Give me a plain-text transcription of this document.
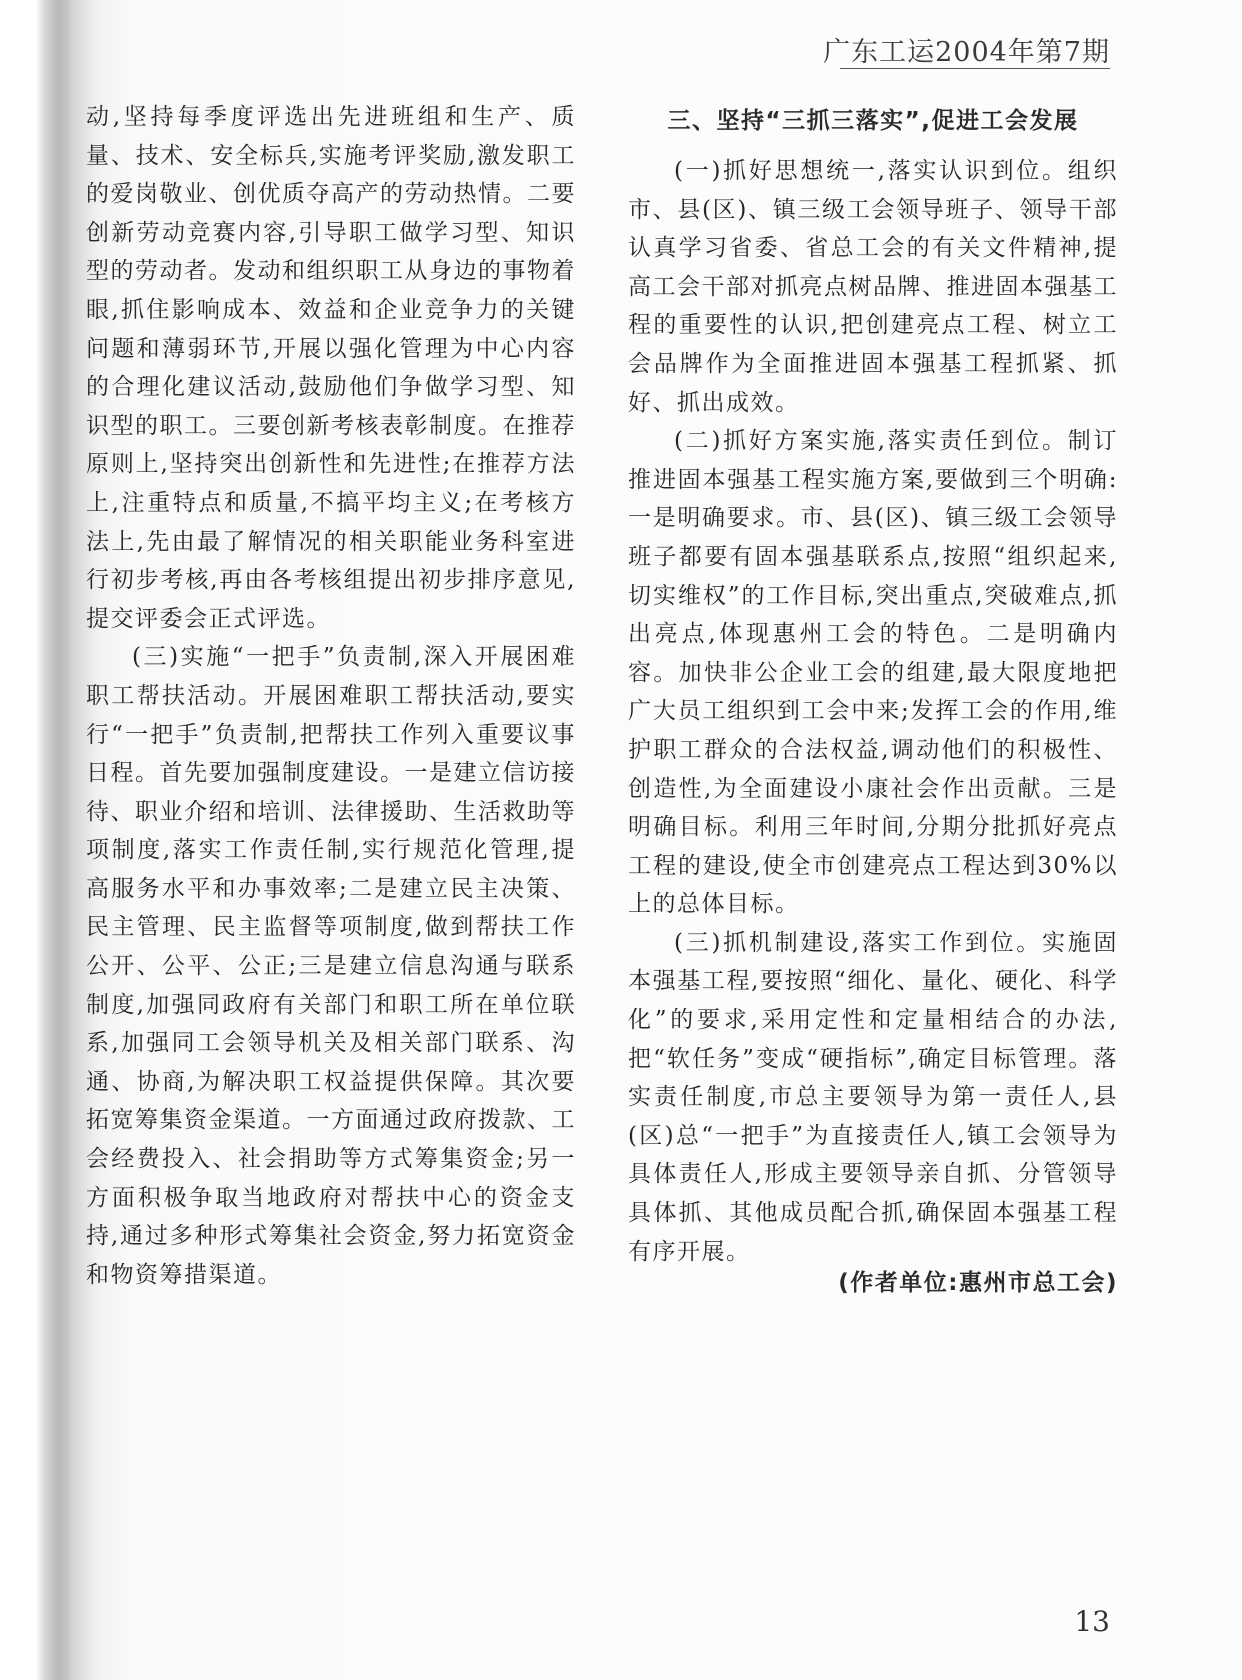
广东工运2004年第7期

动,坚持每季度评选出先进班组和生产、质量、技术、安全标兵,实施考评奖励,激发职工的爱岗敬业、创优质夺高产的劳动热情。二要创新劳动竞赛内容,引导职工做学习型、知识型的劳动者。发动和组织职工从身边的事物着眼,抓住影响成本、效益和企业竞争力的关键问题和薄弱环节,开展以强化管理为中心内容的合理化建议活动,鼓励他们争做学习型、知识型的职工。三要创新考核表彰制度。在推荐原则上,坚持突出创新性和先进性;在推荐方法上,注重特点和质量,不搞平均主义;在考核方法上,先由最了解情况的相关职能业务科室进行初步考核,再由各考核组提出初步排序意见,提交评委会正式评选。

(三)实施“一把手”负责制,深入开展困难职工帮扶活动。开展困难职工帮扶活动,要实行“一把手”负责制,把帮扶工作列入重要议事日程。首先要加强制度建设。一是建立信访接待、职业介绍和培训、法律援助、生活救助等项制度,落实工作责任制,实行规范化管理,提高服务水平和办事效率;二是建立民主决策、民主管理、民主监督等项制度,做到帮扶工作公开、公平、公正;三是建立信息沟通与联系制度,加强同政府有关部门和职工所在单位联系,加强同工会领导机关及相关部门联系、沟通、协商,为解决职工权益提供保障。其次要拓宽筹集资金渠道。一方面通过政府拨款、工会经费投入、社会捐助等方式筹集资金;另一方面积极争取当地政府对帮扶中心的资金支持,通过多种形式筹集社会资金,努力拓宽资金和物资筹措渠道。

三、坚持“三抓三落实”,促进工会发展

(一)抓好思想统一,落实认识到位。组织市、县(区)、镇三级工会领导班子、领导干部认真学习省委、省总工会的有关文件精神,提高工会干部对抓亮点树品牌、推进固本强基工程的重要性的认识,把创建亮点工程、树立工会品牌作为全面推进固本强基工程抓紧、抓好、抓出成效。

(二)抓好方案实施,落实责任到位。制订推进固本强基工程实施方案,要做到三个明确:一是明确要求。市、县(区)、镇三级工会领导班子都要有固本强基联系点,按照“组织起来,切实维权”的工作目标,突出重点,突破难点,抓出亮点,体现惠州工会的特色。二是明确内容。加快非公企业工会的组建,最大限度地把广大员工组织到工会中来;发挥工会的作用,维护职工群众的合法权益,调动他们的积极性、创造性,为全面建设小康社会作出贡献。三是明确目标。利用三年时间,分期分批抓好亮点工程的建设,使全市创建亮点工程达到30%以上的总体目标。

(三)抓机制建设,落实工作到位。实施固本强基工程,要按照“细化、量化、硬化、科学化”的要求,采用定性和定量相结合的办法,把“软任务”变成“硬指标”,确定目标管理。落实责任制度,市总主要领导为第一责任人,县(区)总“一把手”为直接责任人,镇工会领导为具体责任人,形成主要领导亲自抓、分管领导具体抓、其他成员配合抓,确保固本强基工程有序开展。

(作者单位:惠州市总工会)
13
